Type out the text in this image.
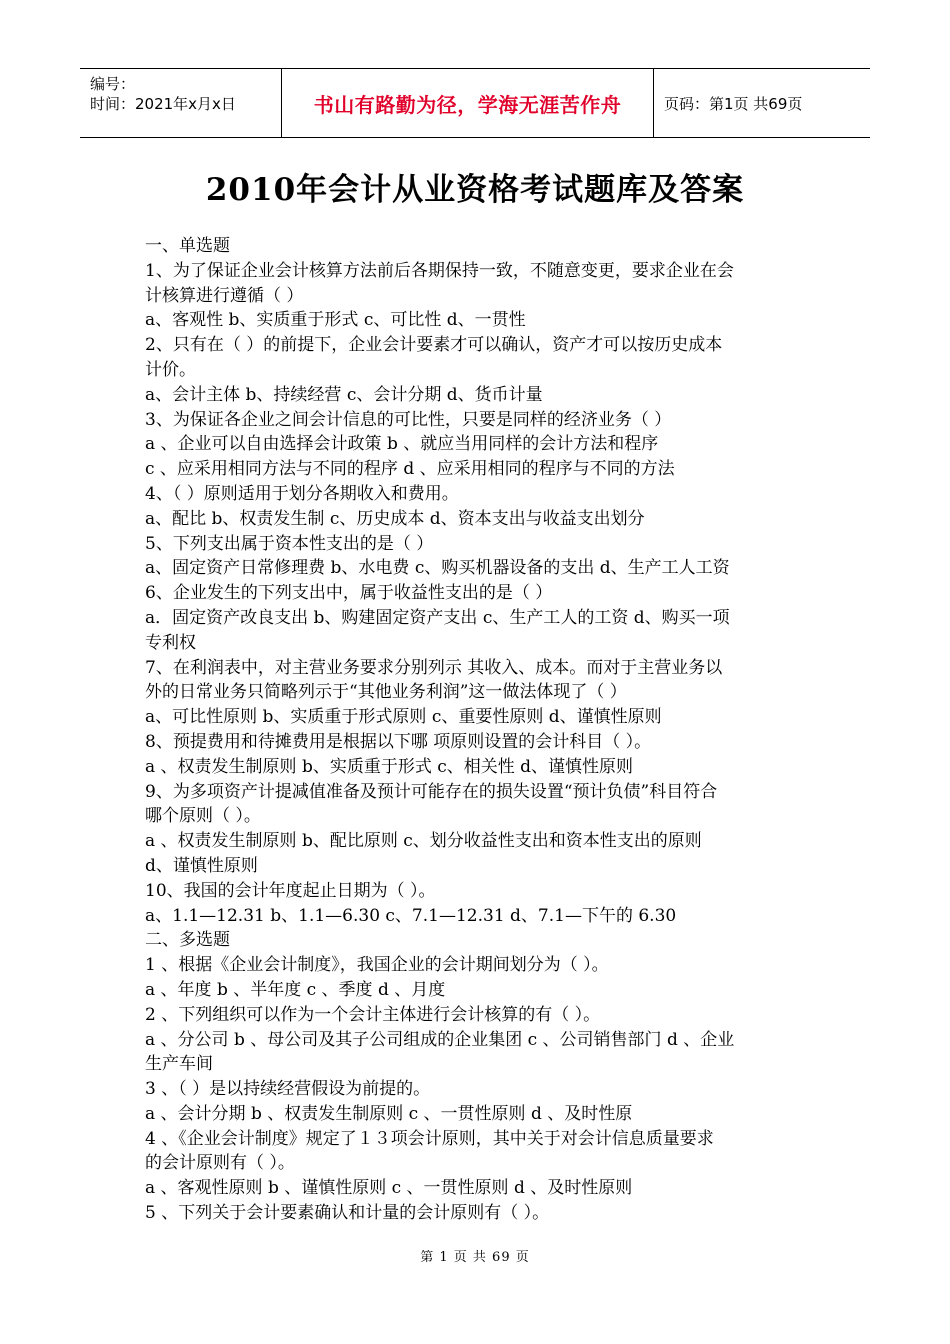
编号：
时间：2021年x月x日	书山有路勤为径，学海无涯苦作舟	页码：第1页 共69页
2010年会计从业资格考试题库及答案
一、单选题
1、为了保证企业会计核算方法前后各期保持一致，不随意变更，要求企业在会
计核算进行遵循（ ）
a、客观性 b、实质重于形式 c、可比性 d、一贯性
2、只有在（ ）的前提下，企业会计要素才可以确认，资产才可以按历史成本
计价。
a、会计主体 b、持续经营 c、会计分期 d、货币计量
3、为保证各企业之间会计信息的可比性，只要是同样的经济业务（ ）
a 、企业可以自由选择会计政策 b 、就应当用同样的会计方法和程序
c 、应采用相同方法与不同的程序 d 、应采用相同的程序与不同的方法
4、（ ）原则适用于划分各期收入和费用。
a、配比 b、权责发生制 c、历史成本 d、资本支出与收益支出划分
5、下列支出属于资本性支出的是（ ）
a、固定资产日常修理费 b、水电费 c、购买机器设备的支出 d、生产工人工资
6、企业发生的下列支出中，属于收益性支出的是（ ）
a．固定资产改良支出 b、购建固定资产支出 c、生产工人的工资 d、购买一项
专利权
7、在利润表中，对主营业务要求分别列示 其收入、成本。而对于主营业务以
外的日常业务只简略列示于“其他业务利润”这一做法体现了（ ）
a、可比性原则 b、实质重于形式原则 c、重要性原则 d、谨慎性原则
8、预提费用和待摊费用是根据以下哪 项原则设置的会计科目（ ）。
a 、权责发生制原则 b、实质重于形式 c、相关性 d、谨慎性原则
9、为多项资产计提减值准备及预计可能存在的损失设置“预计负债”科目符合
哪个原则（ ）。
a 、权责发生制原则 b、配比原则 c、划分收益性支出和资本性支出的原则
d、谨慎性原则
10、我国的会计年度起止日期为（ ）。
a、1.1—12.31 b、1.1—6.30 c、7.1—12.31 d、7.1—下午的 6.30
二、多选题
1 、根据《企业会计制度》，我国企业的会计期间划分为（ ）。
a 、年度 b 、半年度 c 、季度 d 、月度
2 、下列组织可以作为一个会计主体进行会计核算的有（ ）。
a 、分公司 b 、母公司及其子公司组成的企业集团 c 、公司销售部门 d 、企业
生产车间
3 、（ ）是以持续经营假设为前提的。
a 、会计分期 b 、权责发生制原则 c 、一贯性原则 d 、及时性原
4 、《企业会计制度》规定了１３项会计原则，其中关于对会计信息质量要求
的会计原则有（ ）。
a 、客观性原则 b 、谨慎性原则 c 、一贯性原则 d 、及时性原则
5 、下列关于会计要素确认和计量的会计原则有（ ）。
第 1 页 共 69 页
